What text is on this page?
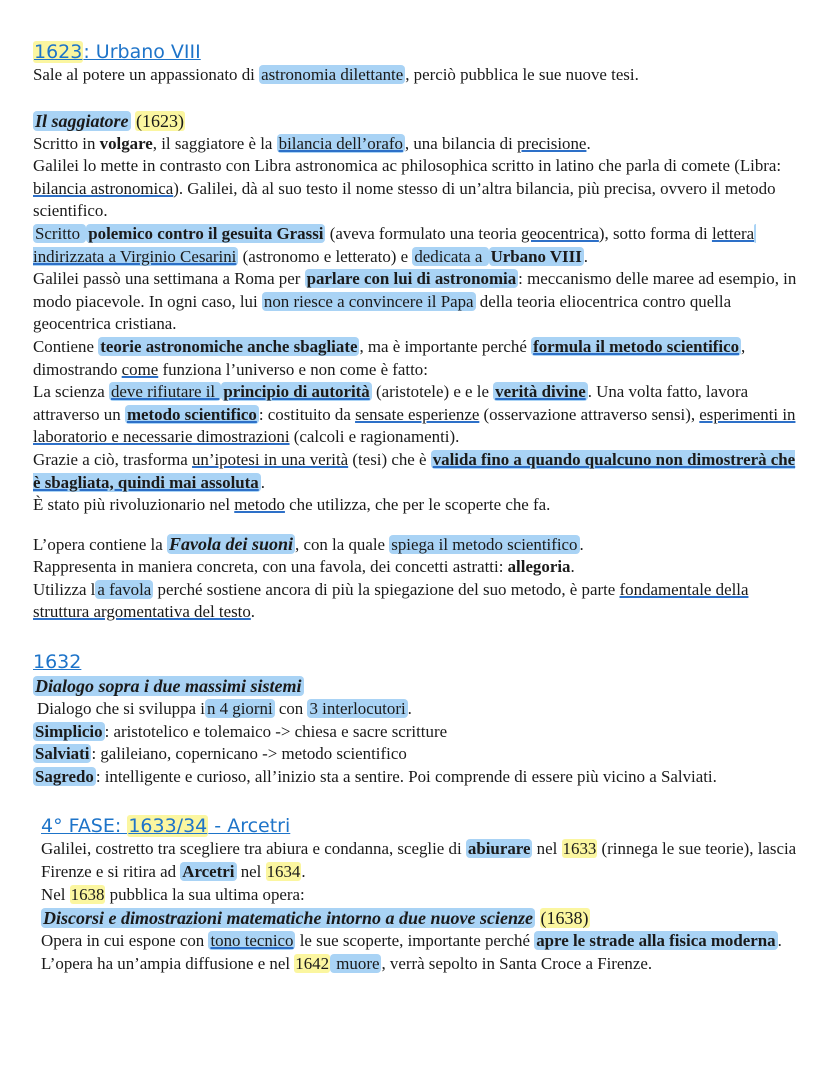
1623: Urbano VIII

Sale al potere un appassionato di astronomia dilettante , perciò pubblica le sue nuove tesi.

Il saggiatore (1623)

Scritto in volgare, il saggiatore è la bilancia dell’orafo , una bilancia di precisione.

Galilei lo mette in contrasto con Libra astronomica ac philosophica scritto in latino che parla di comete (Libra: bilancia astronomica). Galilei, dà al suo testo il nome stesso di un’altra bilancia, più precisa, ovvero il metodo scientifico.

Scritto polemico contro il gesuita Grassi (aveva formulato una teoria geocentrica), sotto forma di lettera indirizzata a Virginio Cesarini (astronomo e letterato) e dedicata a Urbano VIII .

Galilei passò una settimana a Roma per parlare con lui di astronomia : meccanismo delle maree ad esempio, in modo piacevole. In ogni caso, lui non riesce a convincere il Papa della teoria eliocentrica contro quella geocentrica cristiana.

Contiene teorie astronomiche anche sbagliate , ma è importante perché formula il metodo scientifico , dimostrando come funziona l’universo e non come è fatto:

La scienza deve rifiutare il principio di autorità (aristotele) e e le verità divine . Una volta fatto, lavora attraverso un metodo scientifico : costituito da sensate esperienze (osservazione attraverso sensi), esperimenti in laboratorio e necessarie dimostrazioni (calcoli e ragionamenti).

Grazie a ciò, trasforma un’ipotesi in una verità (tesi) che è valida fino a quando qualcuno non dimostrerà che è sbagliata, quindi mai assoluta .

È stato più rivoluzionario nel metodo che utilizza, che per le scoperte che fa.

L’opera contiene la Favola dei suoni , con la quale spiega il metodo scientifico .

Rappresenta in maniera concreta, con una favola, dei concetti astratti: allegoria.

Utilizza l a favola perché sostiene ancora di più la spiegazione del suo metodo, è parte fondamentale della struttura argomentativa del testo.

1632

Dialogo sopra i due massimi sistemi

Dialogo che si sviluppa i n 4 giorni con 3 interlocutori .

Simplicio : aristotelico e tolemaico -> chiesa e sacre scritture

Salviati : galileiano, copernicano -> metodo scientifico

Sagredo : intelligente e curioso, all’inizio sta a sentire. Poi comprende di essere più vicino a Salviati.

4° FASE: 1633/34 - Arcetri

Galilei, costretto tra scegliere tra abiura e condanna, sceglie di abiurare nel 1633 (rinnega le sue teorie), lascia Firenze e si ritira ad Arcetri nel 1634.

Nel 1638 pubblica la sua ultima opera:

Discorsi e dimostrazioni matematiche intorno a due nuove scienze (1638)

Opera in cui espone con tono tecnico le sue scoperte, importante perché apre le strade alla fisica moderna .

L’opera ha un’ampia diffusione e nel 1642 muore , verrà sepolto in Santa Croce a Firenze.
